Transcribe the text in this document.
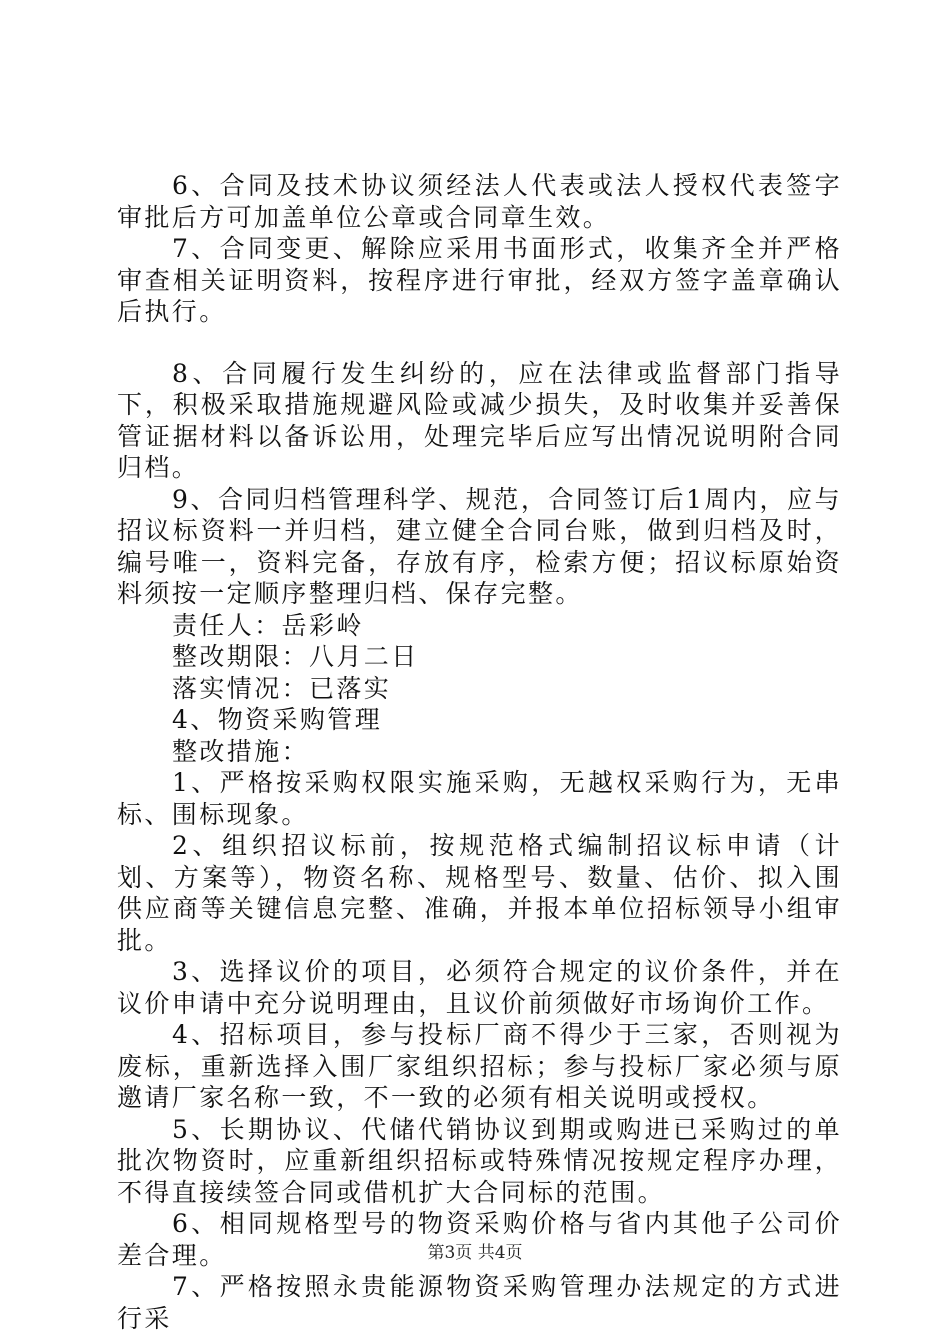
6、合同及技术协议须经法人代表或法人授权代表签字审批后方可加盖单位公章或合同章生效。

7、合同变更、解除应采用书面形式，收集齐全并严格审查相关证明资料，按程序进行审批，经双方签字盖章确认后执行。

8、合同履行发生纠纷的，应在法律或监督部门指导下，积极采取措施规避风险或减少损失，及时收集并妥善保管证据材料以备诉讼用，处理完毕后应写出情况说明附合同归档。

9、合同归档管理科学、规范，合同签订后1周内，应与招议标资料一并归档，建立健全合同台账，做到归档及时，编号唯一，资料完备，存放有序，检索方便；招议标原始资料须按一定顺序整理归档、保存完整。

责任人：岳彩岭

整改期限：八月二日

落实情况：已落实

4、物资采购管理

整改措施：

1、严格按采购权限实施采购，无越权采购行为，无串标、围标现象。

2、组织招议标前，按规范格式编制招议标申请（计划、方案等），物资名称、规格型号、数量、估价、拟入围供应商等关键信息完整、准确，并报本单位招标领导小组审批。

3、选择议价的项目，必须符合规定的议价条件，并在议价申请中充分说明理由，且议价前须做好市场询价工作。

4、招标项目，参与投标厂商不得少于三家，否则视为废标，重新选择入围厂家组织招标；参与投标厂家必须与原邀请厂家名称一致，不一致的必须有相关说明或授权。

5、长期协议、代储代销协议到期或购进已采购过的单批次物资时，应重新组织招标或特殊情况按规定程序办理，不得直接续签合同或借机扩大合同标的范围。

6、相同规格型号的物资采购价格与省内其他子公司价差合理。

7、严格按照永贵能源物资采购管理办法规定的方式进行采

第3页 共4页
